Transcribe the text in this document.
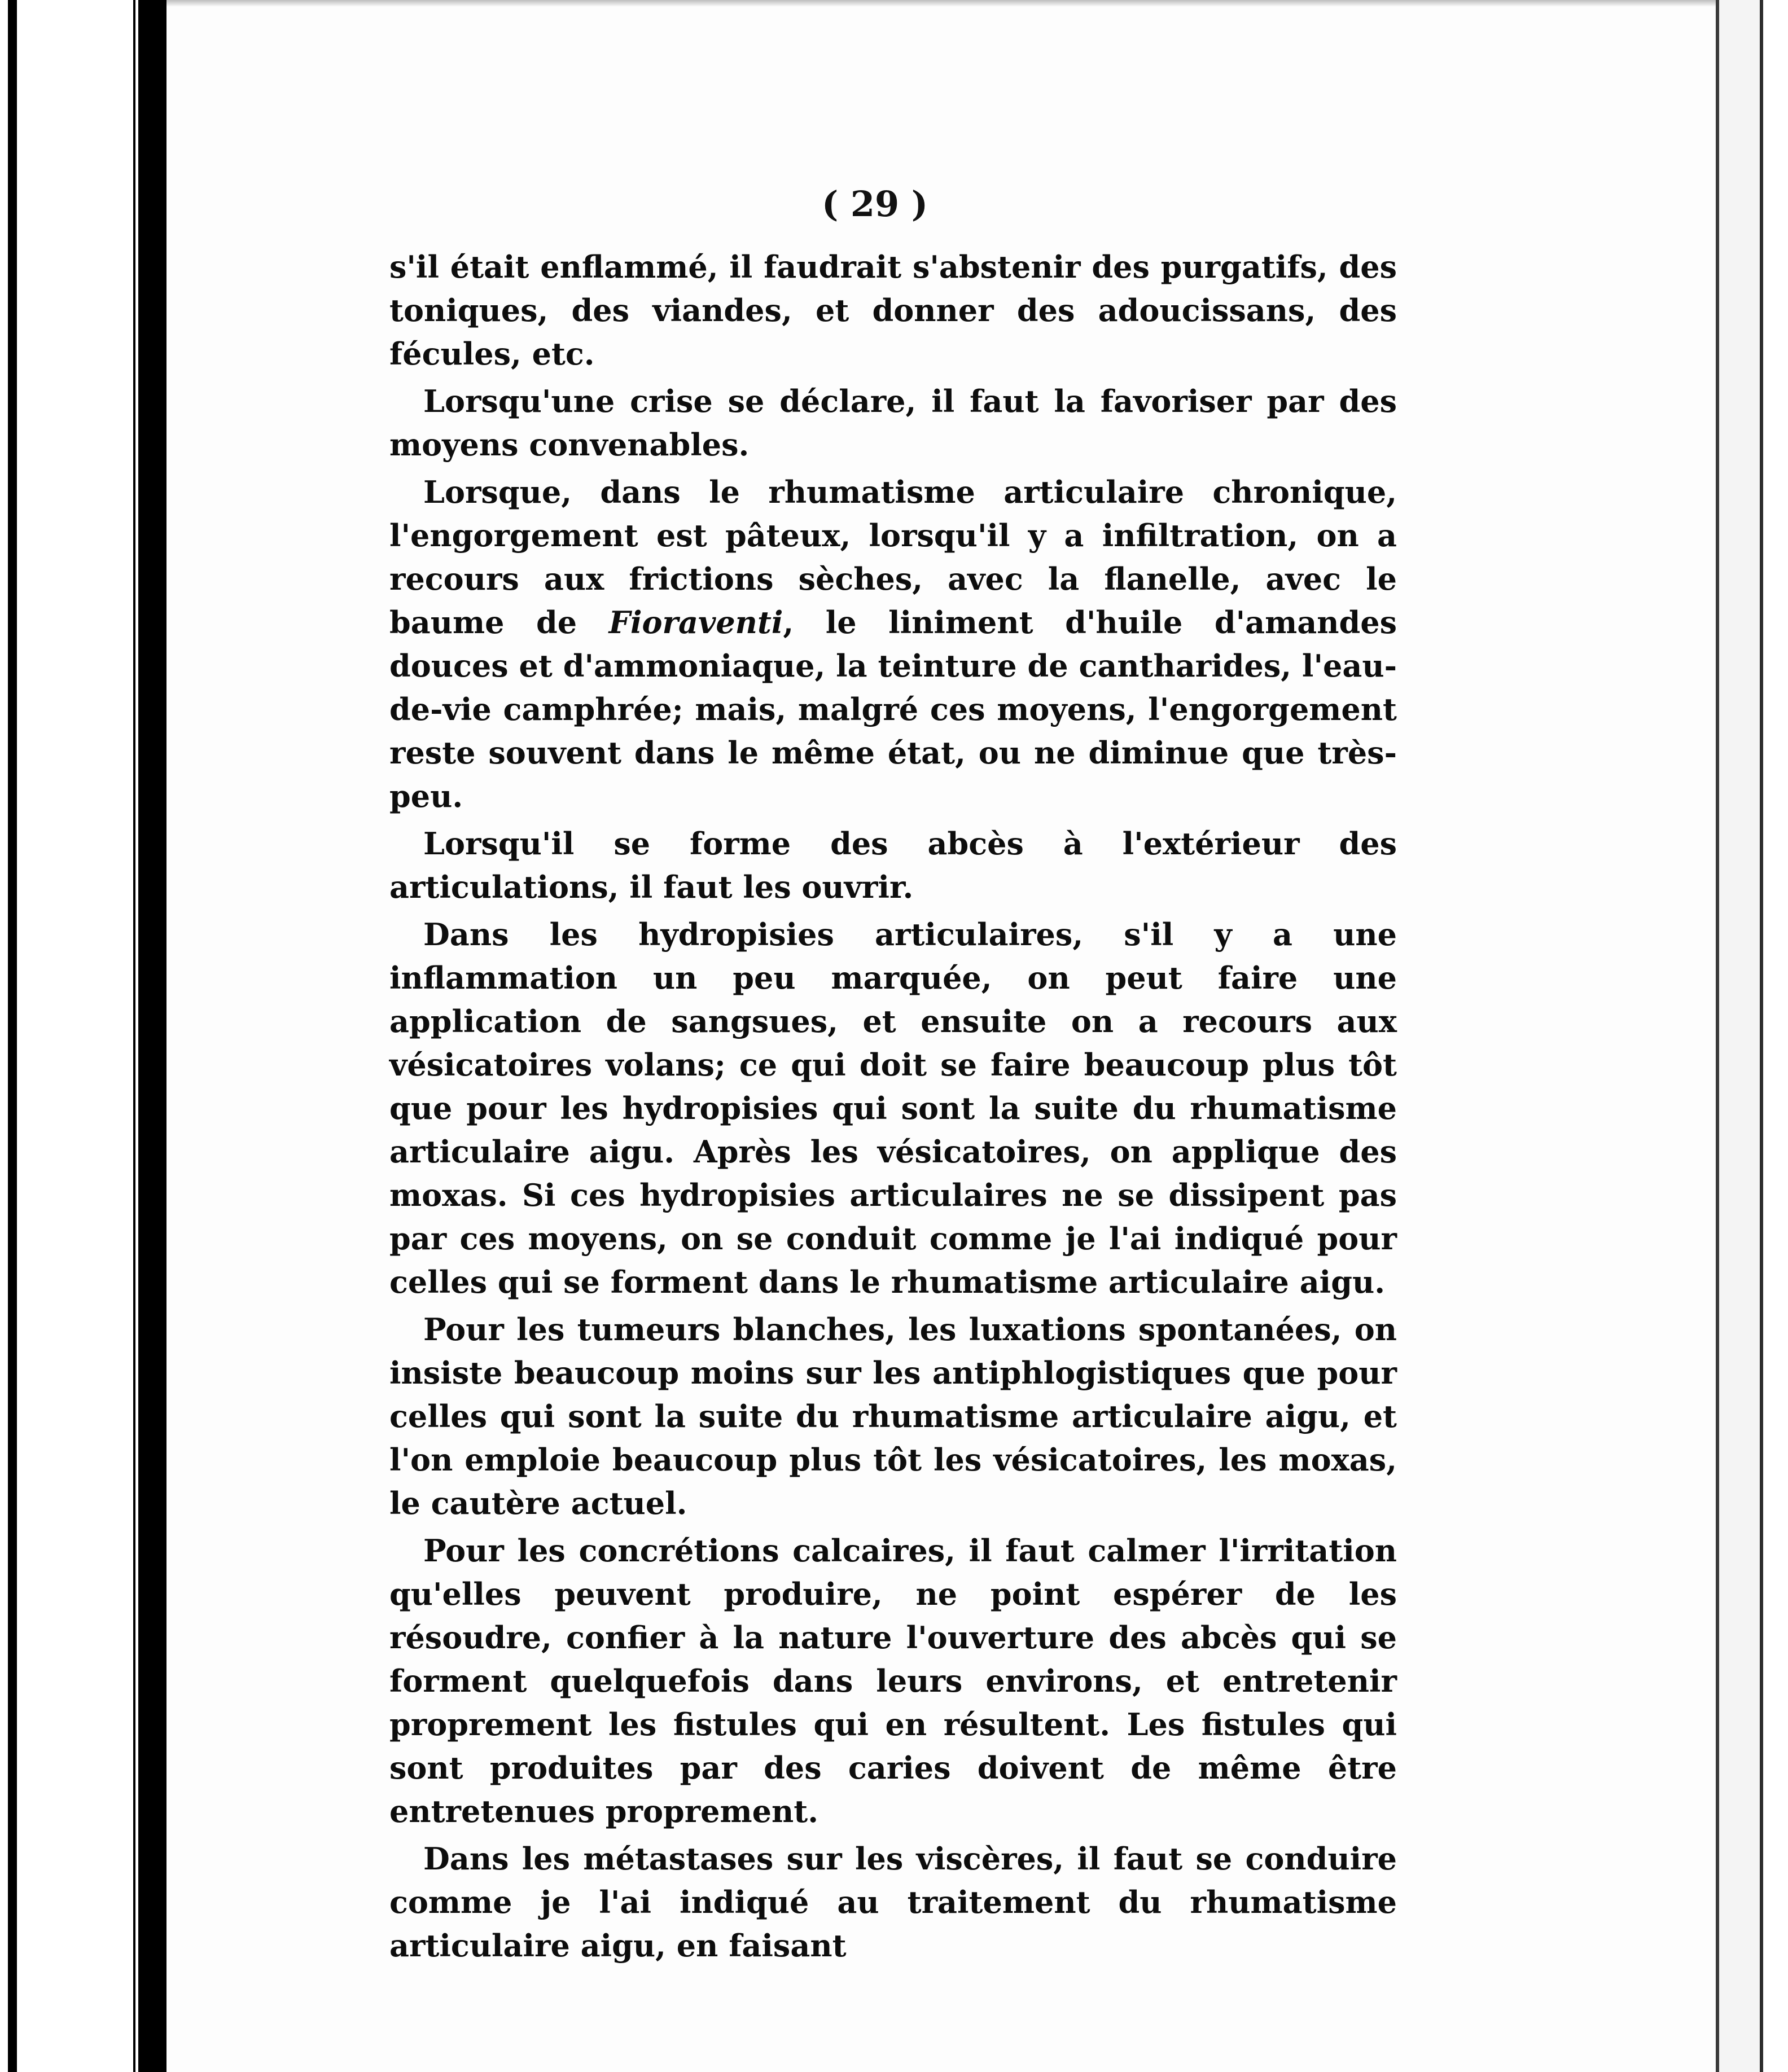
( 29 )

s'il était enflammé, il faudrait s'abstenir des purgatifs, des toniques, des viandes, et donner des adoucissans, des fécules, etc.

Lorsqu'une crise se déclare, il faut la favoriser par des moyens convenables.

Lorsque, dans le rhumatisme articulaire chronique, l'engorgement est pâteux, lorsqu'il y a infiltration, on a recours aux frictions sèches, avec la flanelle, avec le baume de Fioraventi, le liniment d'huile d'amandes douces et d'ammoniaque, la teinture de cantharides, l'eau-de-vie camphrée; mais, malgré ces moyens, l'engorgement reste souvent dans le même état, ou ne diminue que très-peu.

Lorsqu'il se forme des abcès à l'extérieur des articulations, il faut les ouvrir.

Dans les hydropisies articulaires, s'il y a une inflammation un peu marquée, on peut faire une application de sangsues, et ensuite on a recours aux vésicatoires volans; ce qui doit se faire beaucoup plus tôt que pour les hydropisies qui sont la suite du rhumatisme articulaire aigu. Après les vésicatoires, on applique des moxas. Si ces hydropisies articulaires ne se dissipent pas par ces moyens, on se conduit comme je l'ai indiqué pour celles qui se forment dans le rhumatisme articulaire aigu.

Pour les tumeurs blanches, les luxations spontanées, on insiste beaucoup moins sur les antiphlogistiques que pour celles qui sont la suite du rhumatisme articulaire aigu, et l'on emploie beaucoup plus tôt les vésicatoires, les moxas, le cautère actuel.

Pour les concrétions calcaires, il faut calmer l'irritation qu'elles peuvent produire, ne point espérer de les résoudre, confier à la nature l'ouverture des abcès qui se forment quelquefois dans leurs environs, et entretenir proprement les fistules qui en résultent. Les fistules qui sont produites par des caries doivent de même être entretenues proprement.

Dans les métastases sur les viscères, il faut se conduire comme je l'ai indiqué au traitement du rhumatisme articulaire aigu, en faisant
